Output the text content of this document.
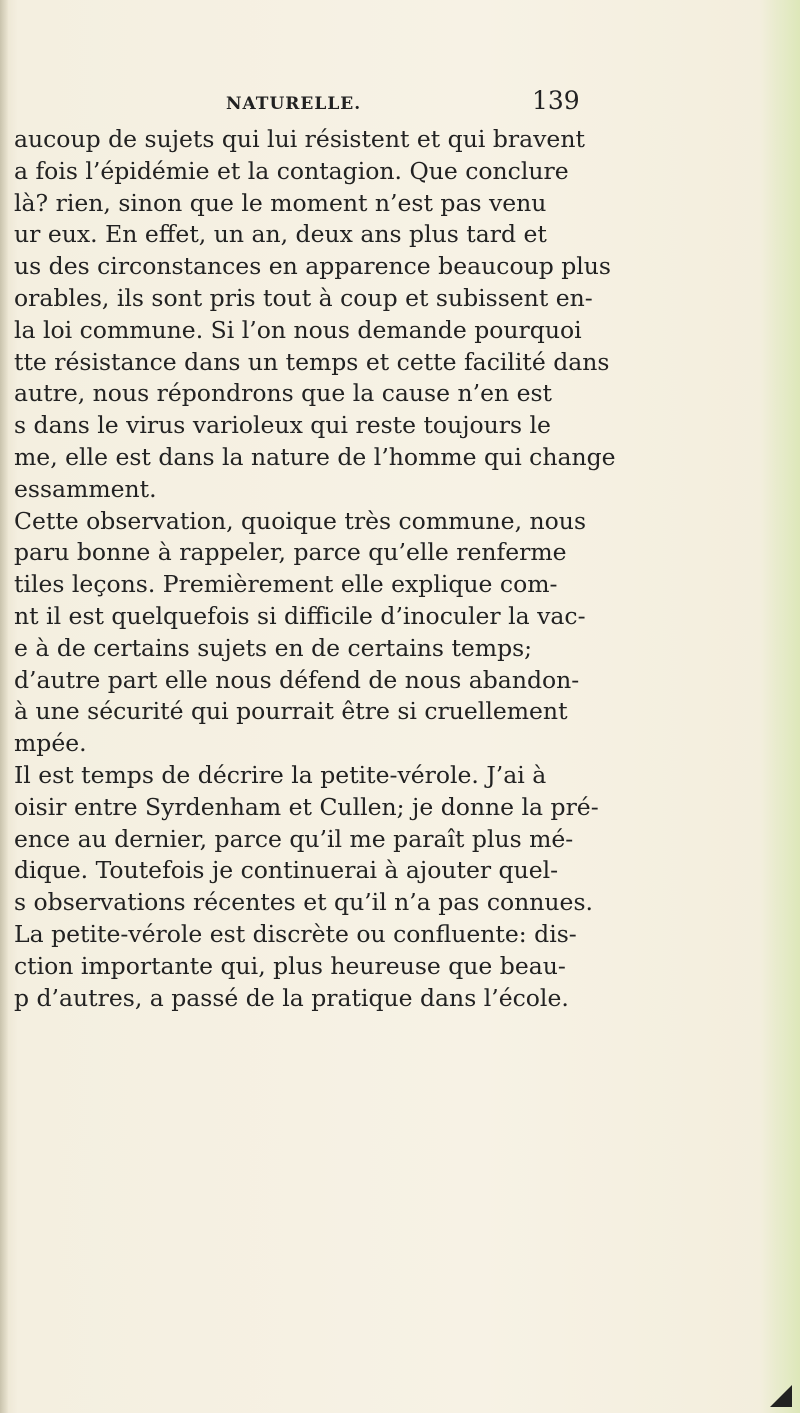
NATURELLE.	139
aucoup de sujets qui lui résistent et qui bravent
a fois l’épidémie et la contagion. Que conclure
là? rien, sinon que le moment n’est pas venu
ur eux. En effet, un an, deux ans plus tard et
us des circonstances en apparence beaucoup plus
orables, ils sont pris tout à coup et subissent en-
la loi commune. Si l’on nous demande pourquoi
tte résistance dans un temps et cette facilité dans
autre, nous répondrons que la cause n’en est
s dans le virus varioleux qui reste toujours le
me, elle est dans la nature de l’homme qui change
essamment.
Cette observation, quoique très commune, nous
paru bonne à rappeler, parce qu’elle renferme
tiles leçons. Premièrement elle explique com-
nt il est quelquefois si difficile d’inoculer la vac-
e à de certains sujets en de certains temps;
d’autre part elle nous défend de nous abandon-
à une sécurité qui pourrait être si cruellement
mpée.
Il est temps de décrire la petite-vérole. J’ai à
oisir entre Syrdenham et Cullen; je donne la pré-
ence au dernier, parce qu’il me paraît plus mé-
dique. Toutefois je continuerai à ajouter quel-
s observations récentes et qu’il n’a pas connues.
La petite-vérole est discrète ou confluente: dis-
ction importante qui, plus heureuse que beau-
p d’autres, a passé de la pratique dans l’école.
